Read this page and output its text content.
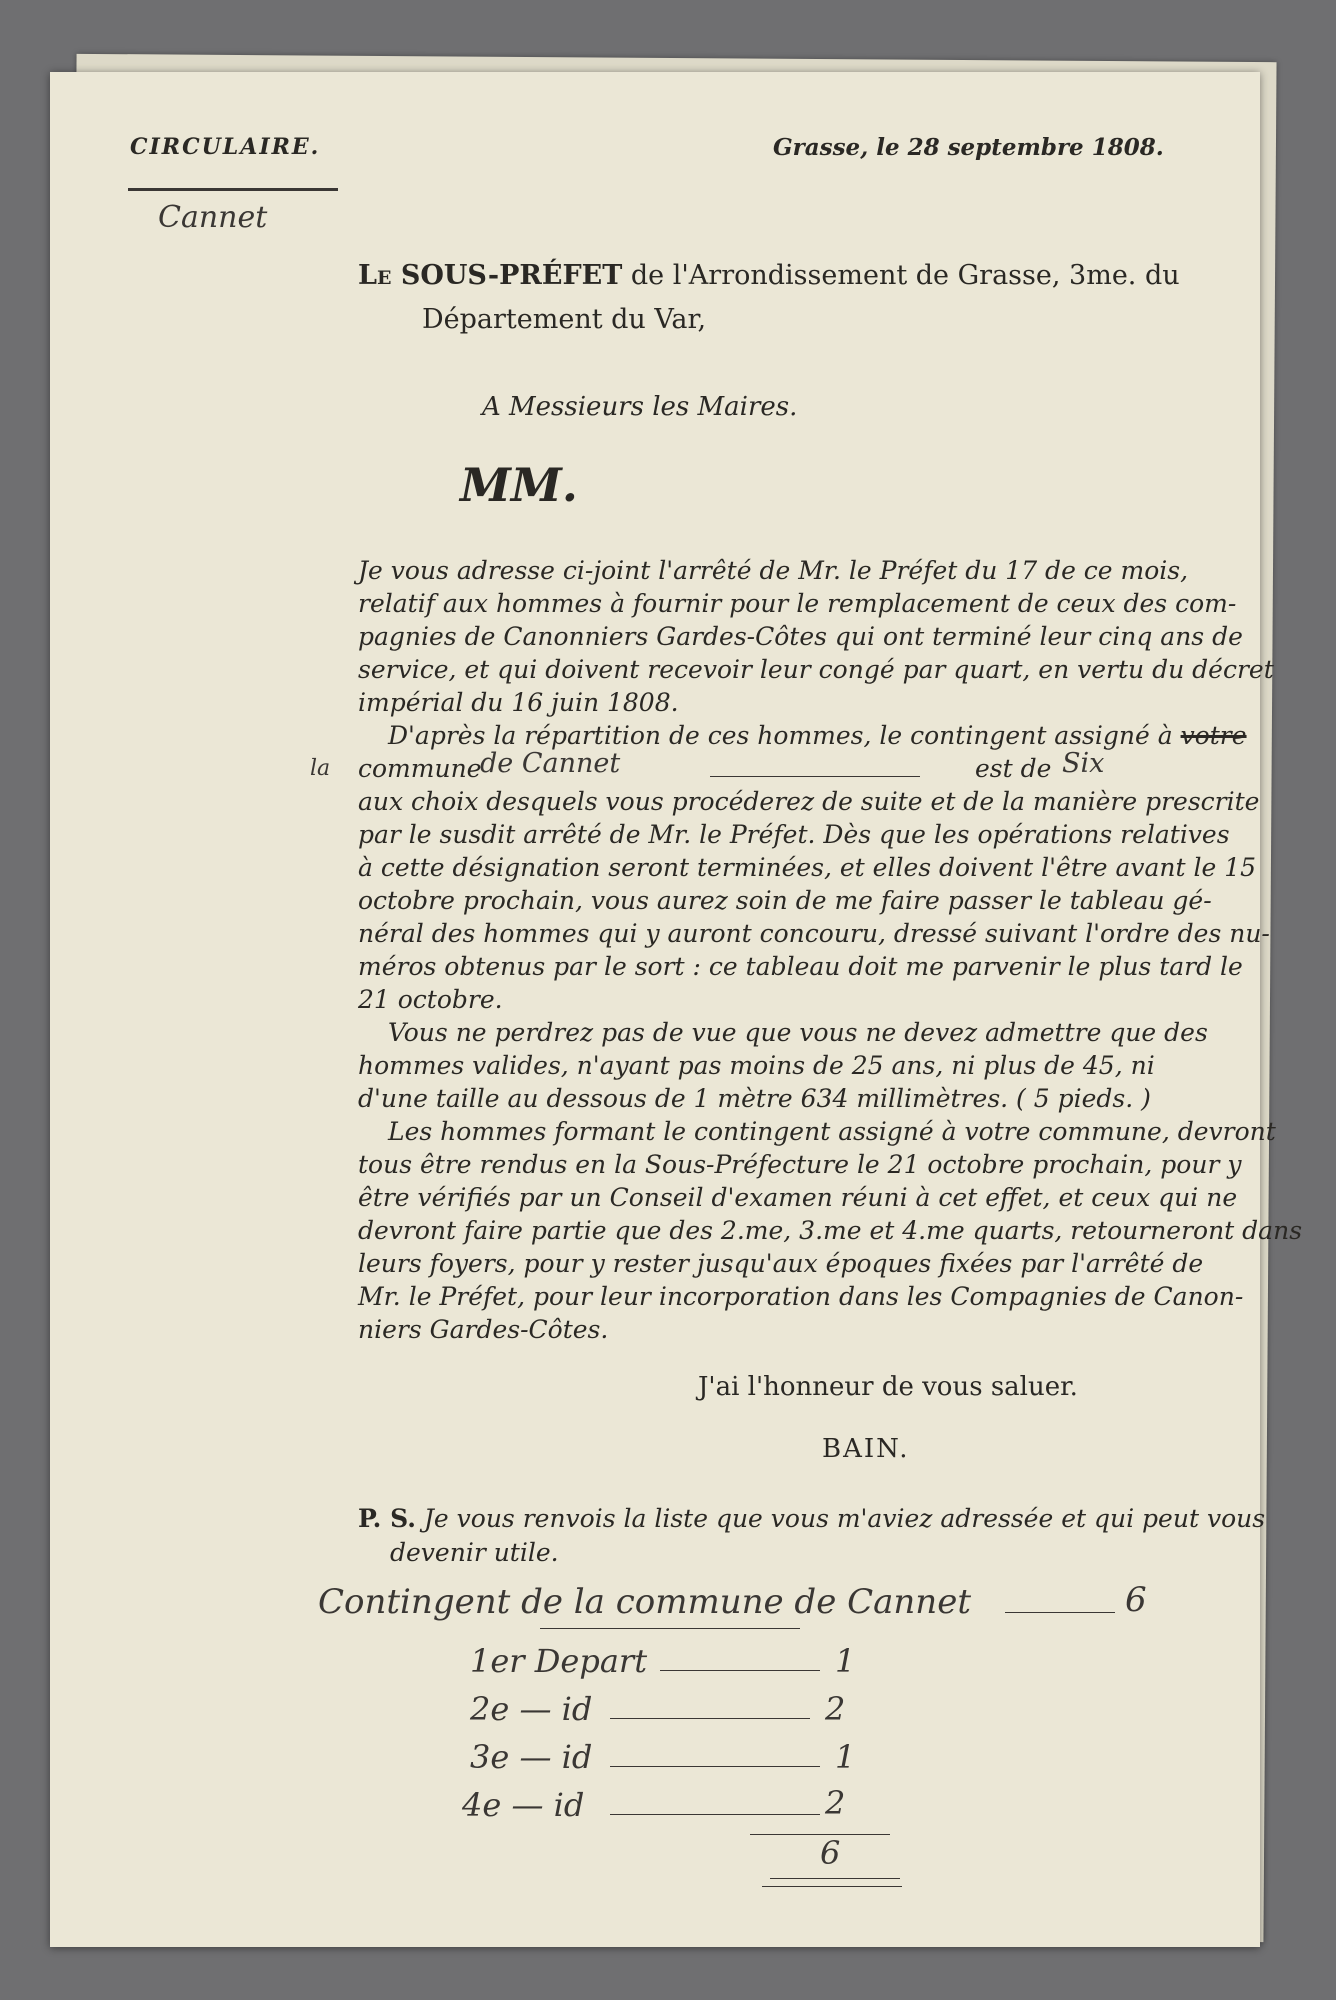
CIRCULAIRE.	Grasse, le 28 septembre 1808.
Cannet
Le SOUS-PRÉFET de l'Arrondissement de Grasse, 3me. du
Département du Var,
A Messieurs les Maires.
MM.
Je vous adresse ci-joint l'arrêté de Mr. le Préfet du 17 de ce mois,
relatif aux hommes à fournir pour le remplacement de ceux des com-
pagnies de Canonniers Gardes-Côtes qui ont terminé leur cinq ans de
service, et qui doivent recevoir leur congé par quart, en vertu du décret
impérial du 16 juin 1808.
D'après la répartition de ces hommes, le contingent assigné à votre
la commune
de Cannet	est de Six
aux choix desquels vous procéderez de suite et de la manière prescrite
par le susdit arrêté de Mr. le Préfet. Dès que les opérations relatives
à cette désignation seront terminées, et elles doivent l'être avant le 15
octobre prochain, vous aurez soin de me faire passer le tableau gé-
néral des hommes qui y auront concouru, dressé suivant l'ordre des nu-
méros obtenus par le sort : ce tableau doit me parvenir le plus tard le
21 octobre.
Vous ne perdrez pas de vue que vous ne devez admettre que des
hommes valides, n'ayant pas moins de 25 ans, ni plus de 45, ni
d'une taille au dessous de 1 mètre 634 millimètres. ( 5 pieds. )
Les hommes formant le contingent assigné à votre commune, devront
tous être rendus en la Sous-Préfecture le 21 octobre prochain, pour y
être vérifiés par un Conseil d'examen réuni à cet effet, et ceux qui ne
devront faire partie que des 2.me, 3.me et 4.me quarts, retourneront dans
leurs foyers, pour y rester jusqu'aux époques fixées par l'arrêté de
Mr. le Préfet, pour leur incorporation dans les Compagnies de Canon-
niers Gardes-Côtes.
J'ai l'honneur de vous saluer.
BAIN.
P. S. Je vous renvois la liste que vous m'aviez adressée et qui peut vous
devenir utile.
Contingent de la commune de Cannet	6
1er Depart	1
2e — id	2
3e — id	1
4e — id	2
6
